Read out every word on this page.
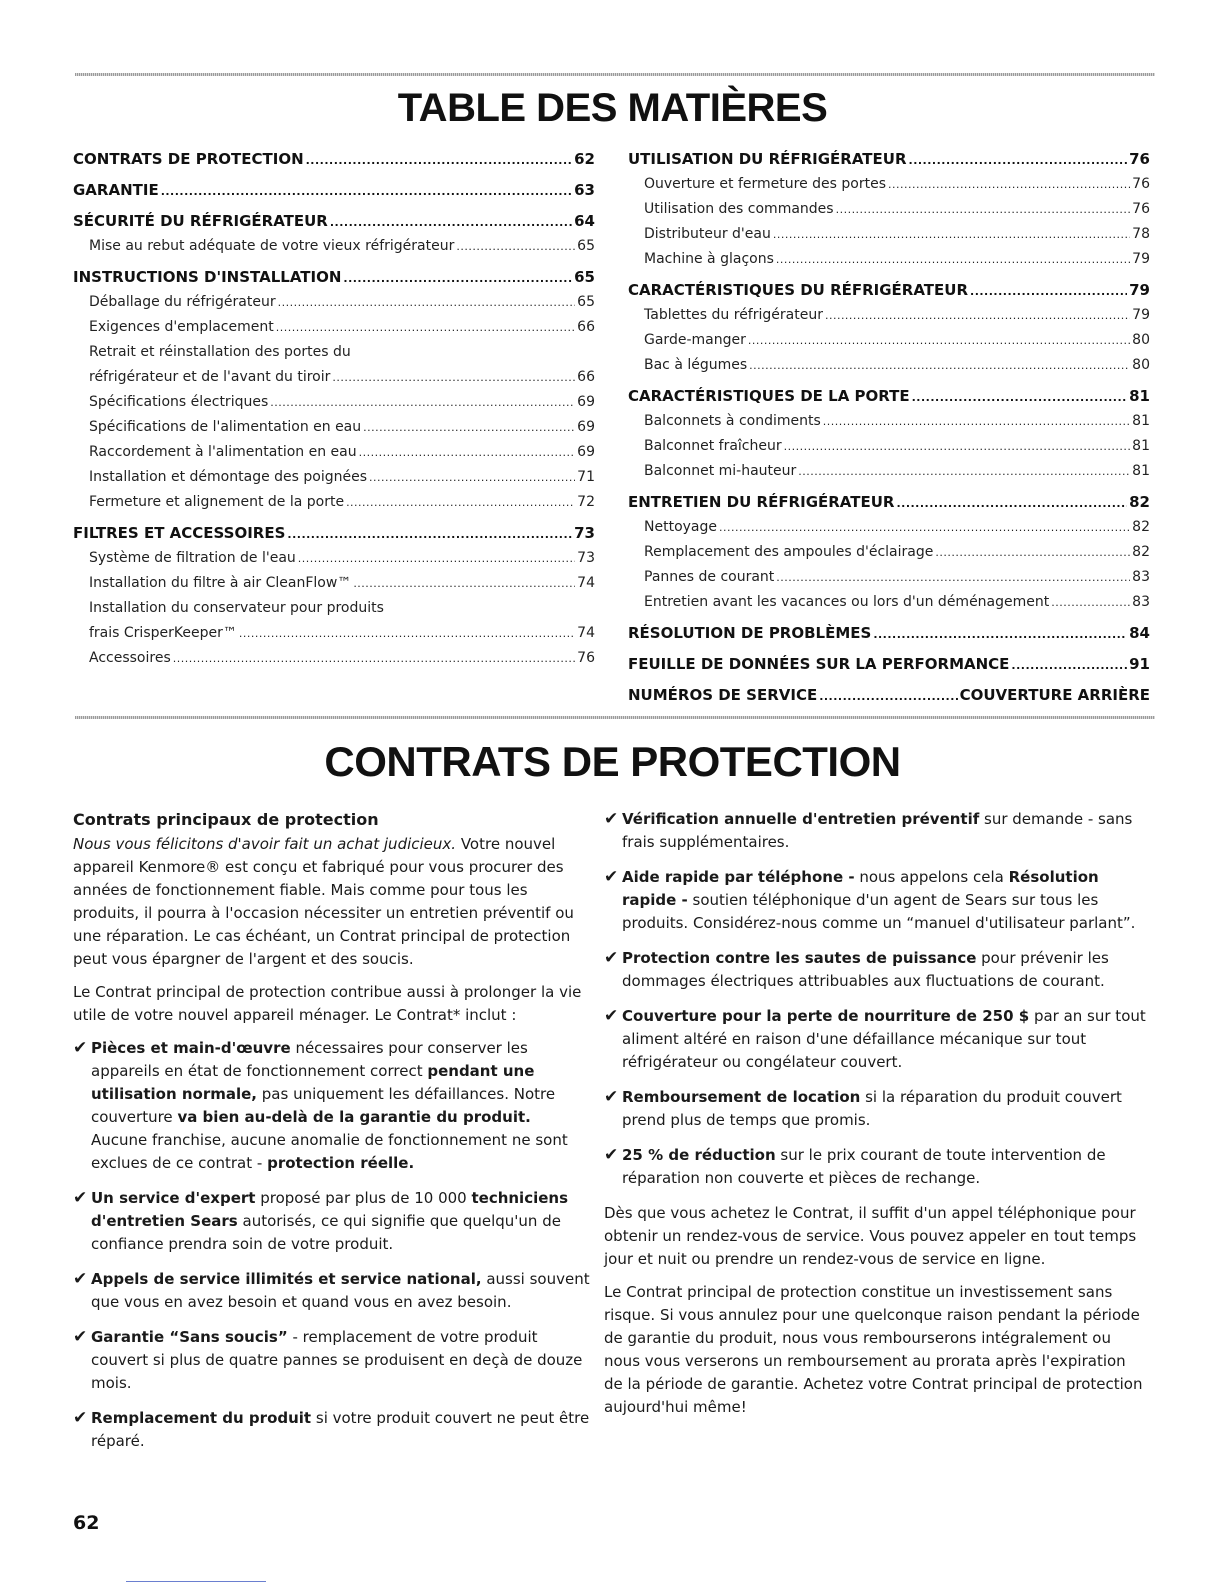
TABLE DES MATIÈRES
CONTRATS DE PROTECTION .....	62
GARANTIE .....	63
SÉCURITÉ DU RÉFRIGÉRATEUR .....	64
Mise au rebut adéquate de votre vieux réfrigérateur .....	65
INSTRUCTIONS D'INSTALLATION .....	65
Déballage du réfrigérateur .....	65
Exigences d'emplacement .....	66
Retrait et réinstallation des portes du
réfrigérateur et de l'avant du tiroir .....	66
Spécifications électriques .....	69
Spécifications de l'alimentation en eau .....	69
Raccordement à l'alimentation en eau .....	69
Installation et démontage des poignées .....	71
Fermeture et alignement de la porte .....	72
FILTRES ET ACCESSOIRES .....	73
Système de filtration de l'eau .....	73
Installation du filtre à air CleanFlow™ .....	74
Installation du conservateur pour produits
frais CrisperKeeper™ .....	74
Accessoires .....	76
UTILISATION DU RÉFRIGÉRATEUR .....	76
Ouverture et fermeture des portes .....	76
Utilisation des commandes .....	76
Distributeur d'eau .....	78
Machine à glaçons .....	79
CARACTÉRISTIQUES DU RÉFRIGÉRATEUR .....	79
Tablettes du réfrigérateur .....	79
Garde-manger .....	80
Bac à légumes .....	80
CARACTÉRISTIQUES DE LA PORTE .....	81
Balconnets à condiments .....	81
Balconnet fraîcheur .....	81
Balconnet mi-hauteur .....	81
ENTRETIEN DU RÉFRIGÉRATEUR .....	82
Nettoyage .....	82
Remplacement des ampoules d'éclairage .....	82
Pannes de courant .....	83
Entretien avant les vacances ou lors d'un déménagement .....	83
RÉSOLUTION DE PROBLÈMES .....	84
FEUILLE DE DONNÉES SUR LA PERFORMANCE .....	91
NUMÉROS DE SERVICE .....	COUVERTURE ARRIÈRE
CONTRATS DE PROTECTION
Contrats principaux de protection

Nous vous félicitons d'avoir fait un achat judicieux. Votre nouvel appareil Kenmore® est conçu et fabriqué pour vous procurer des années de fonctionnement fiable. Mais comme pour tous les produits, il pourra à l'occasion nécessiter un entretien préventif ou une réparation. Le cas échéant, un Contrat principal de protection peut vous épargner de l'argent et des soucis.

Le Contrat principal de protection contribue aussi à prolonger la vie utile de votre nouvel appareil ménager. Le Contrat* inclut :

✔ Pièces et main-d'œuvre nécessaires pour conserver les appareils en état de fonctionnement correct pendant une utilisation normale, pas uniquement les défaillances. Notre couverture va bien au-delà de la garantie du produit. Aucune franchise, aucune anomalie de fonctionnement ne sont exclues de ce contrat - protection réelle.
✔ Un service d'expert proposé par plus de 10 000 techniciens d'entretien Sears autorisés, ce qui signifie que quelqu'un de confiance prendra soin de votre produit.
✔ Appels de service illimités et service national, aussi souvent que vous en avez besoin et quand vous en avez besoin.
✔ Garantie “Sans soucis” - remplacement de votre produit couvert si plus de quatre pannes se produisent en deçà de douze mois.
✔ Remplacement du produit si votre produit couvert ne peut être réparé.
✔ Vérification annuelle d'entretien préventif sur demande - sans frais supplémentaires.
✔ Aide rapide par téléphone - nous appelons cela Résolution rapide - soutien téléphonique d'un agent de Sears sur tous les produits. Considérez-nous comme un “manuel d'utilisateur parlant”.
✔ Protection contre les sautes de puissance pour prévenir les dommages électriques attribuables aux fluctuations de courant.
✔ Couverture pour la perte de nourriture de 250 $ par an sur tout aliment altéré en raison d'une défaillance mécanique sur tout réfrigérateur ou congélateur couvert.
✔ Remboursement de location si la réparation du produit couvert prend plus de temps que promis.
✔ 25 % de réduction sur le prix courant de toute intervention de réparation non couverte et pièces de rechange.

Dès que vous achetez le Contrat, il suffit d'un appel téléphonique pour obtenir un rendez-vous de service. Vous pouvez appeler en tout temps jour et nuit ou prendre un rendez-vous de service en ligne.

Le Contrat principal de protection constitue un investissement sans risque. Si vous annulez pour une quelconque raison pendant la période de garantie du produit, nous vous rembourserons intégralement ou nous vous verserons un remboursement au prorata après l'expiration de la période de garantie. Achetez votre Contrat principal de protection aujourd'hui même!

62
